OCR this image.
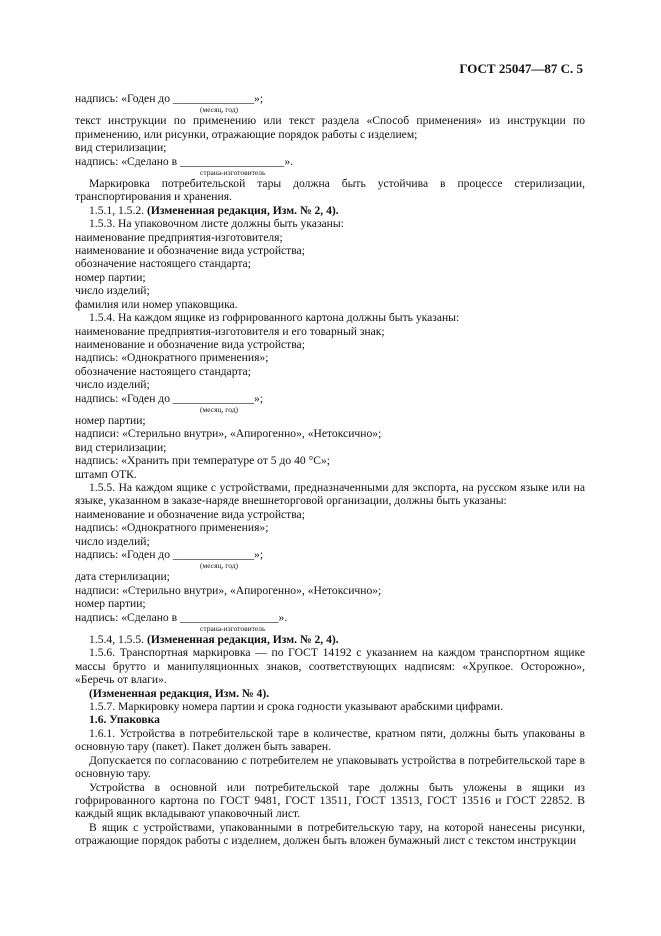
ГОСТ 25047—87 С. 5

надпись: «Годен до ______________»;

(месяц, год)

текст инструкции по применению или текст раздела «Способ применения» из инструкции по применению, или рисунки, отражающие порядок работы с изделием;

вид стерилизации;

надпись: «Сделано в __________________».

страна-изготовитель

Маркировка потребительской тары должна быть устойчива в процессе стерилизации, транспортирования и хранения.

1.5.1, 1.5.2. (Измененная редакция, Изм. № 2, 4).

1.5.3. На упаковочном листе должны быть указаны:

наименование предприятия-изготовителя;

наименование и обозначение вида устройства;

обозначение настоящего стандарта;

номер партии;

число изделий;

фамилия или номер упаковщика.

1.5.4. На каждом ящике из гофрированного картона должны быть указаны:

наименование предприятия-изготовителя и его товарный знак;

наименование и обозначение вида устройства;

надпись: «Однократного применения»;

обозначение настоящего стандарта;

число изделий;

надпись: «Годен до ______________»;

(месяц, год)

номер партии;

надписи: «Стерильно внутри», «Апирогенно», «Нетоксично»;

вид стерилизации;

надпись: «Хранить при температуре от 5 до 40 °С»;

штамп ОТК.

1.5.5. На каждом ящике с устройствами, предназначенными для экспорта, на русском языке или на языке, указанном в заказе-наряде внешнеторговой организации, должны быть указаны:

наименование и обозначение вида устройства;

надпись: «Однократного применения»;

число изделий;

надпись: «Годен до ______________»;

(месяц, год)

дата стерилизации;

надписи: «Стерильно внутри», «Апирогенно», «Нетоксично»;

номер партии;

надпись: «Сделано в _________________».

страна-изготовитель

1.5.4, 1.5.5. (Измененная редакция, Изм. № 2, 4).

1.5.6. Транспортная маркировка — по ГОСТ 14192 с указанием на каждом транспортном ящике массы брутто и манипуляционных знаков, соответствующих надписям: «Хрупкое. Осторожно», «Беречь от влаги».

(Измененная редакция, Изм. № 4).

1.5.7. Маркировку номера партии и срока годности указывают арабскими цифрами.

1.6. Упаковка

1.6.1. Устройства в потребительской таре в количестве, кратном пяти, должны быть упакованы в основную тару (пакет). Пакет должен быть заварен.

Допускается по согласованию с потребителем не упаковывать устройства в потребительской таре в основную тару.

Устройства в основной или потребительской таре должны быть уложены в ящики из гофрированного картона по ГОСТ 9481, ГОСТ 13511, ГОСТ 13513, ГОСТ 13516 и ГОСТ 22852. В каждый ящик вкладывают упаковочный лист.

В ящик с устройствами, упакованными в потребительскую тару, на которой нанесены рисунки, отражающие порядок работы с изделием, должен быть вложен бумажный лист с текстом инструкции
